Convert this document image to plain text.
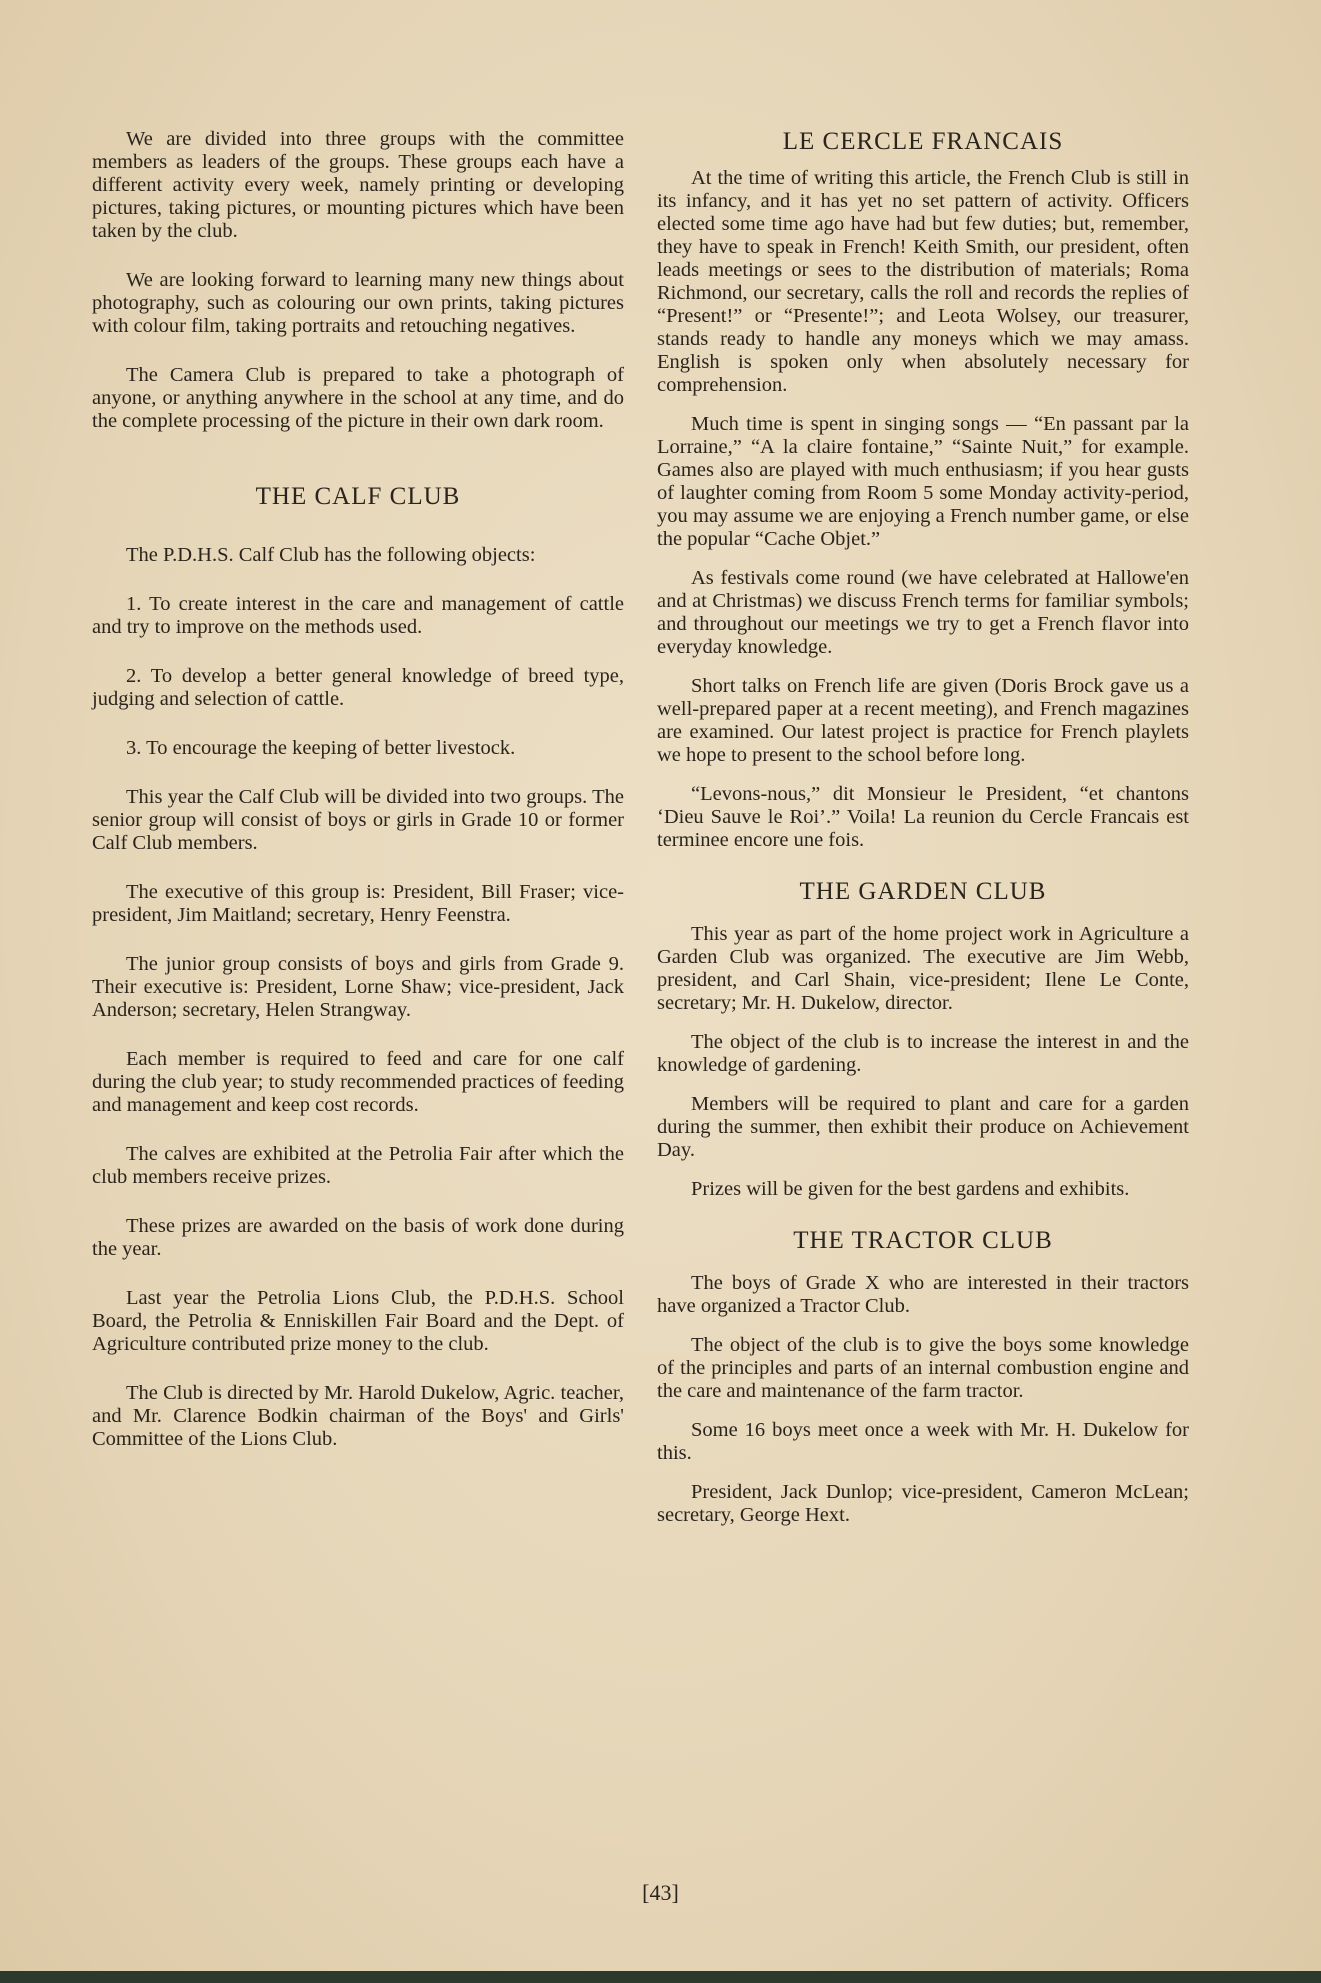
We are divided into three groups with the committee members as leaders of the groups. These groups each have a different activity every week, namely printing or developing pictures, taking pictures, or mounting pictures which have been taken by the club.

We are looking forward to learning many new things about photography, such as colouring our own prints, taking pictures with colour film, taking portraits and retouching negatives.

The Camera Club is prepared to take a photograph of anyone, or anything anywhere in the school at any time, and do the complete processing of the picture in their own dark room.

THE CALF CLUB

The P.D.H.S. Calf Club has the following objects:

1. To create interest in the care and management of cattle and try to improve on the methods used.

2. To develop a better general knowledge of breed type, judging and selection of cattle.

3. To encourage the keeping of better livestock.

This year the Calf Club will be divided into two groups. The senior group will consist of boys or girls in Grade 10 or former Calf Club members.

The executive of this group is: President, Bill Fraser; vice-president, Jim Maitland; secretary, Henry Feenstra.

The junior group consists of boys and girls from Grade 9. Their executive is: President, Lorne Shaw; vice-president, Jack Anderson; secretary, Helen Strangway.

Each member is required to feed and care for one calf during the club year; to study recommended practices of feeding and management and keep cost records.

The calves are exhibited at the Petrolia Fair after which the club members receive prizes.

These prizes are awarded on the basis of work done during the year.

Last year the Petrolia Lions Club, the P.D.H.S. School Board, the Petrolia & Enniskillen Fair Board and the Dept. of Agriculture contributed prize money to the club.

The Club is directed by Mr. Harold Dukelow, Agric. teacher, and Mr. Clarence Bodkin chairman of the Boys' and Girls' Committee of the Lions Club.

LE CERCLE FRANCAIS

At the time of writing this article, the French Club is still in its infancy, and it has yet no set pattern of activity. Officers elected some time ago have had but few duties; but, remember, they have to speak in French! Keith Smith, our president, often leads meetings or sees to the distribution of materials; Roma Richmond, our secretary, calls the roll and records the replies of “Present!” or “Presente!”; and Leota Wolsey, our treasurer, stands ready to handle any moneys which we may amass. English is spoken only when absolutely necessary for comprehension.

Much time is spent in singing songs — “En passant par la Lorraine,” “A la claire fontaine,” “Sainte Nuit,” for example. Games also are played with much enthusiasm; if you hear gusts of laughter coming from Room 5 some Monday activity-period, you may assume we are enjoying a French number game, or else the popular “Cache Objet.”

As festivals come round (we have celebrated at Hallowe'en and at Christmas) we discuss French terms for familiar symbols; and throughout our meetings we try to get a French flavor into everyday knowledge.

Short talks on French life are given (Doris Brock gave us a well-prepared paper at a recent meeting), and French magazines are examined. Our latest project is practice for French playlets we hope to present to the school before long.

“Levons-nous,” dit Monsieur le President, “et chantons ‘Dieu Sauve le Roi’.” Voila! La reunion du Cercle Francais est terminee encore une fois.

THE GARDEN CLUB

This year as part of the home project work in Agriculture a Garden Club was organized. The executive are Jim Webb, president, and Carl Shain, vice-president; Ilene Le Conte, secretary; Mr. H. Dukelow, director.

The object of the club is to increase the interest in and the knowledge of gardening.

Members will be required to plant and care for a garden during the summer, then exhibit their produce on Achievement Day.

Prizes will be given for the best gardens and exhibits.

THE TRACTOR CLUB

The boys of Grade X who are interested in their tractors have organized a Tractor Club.

The object of the club is to give the boys some knowledge of the principles and parts of an internal combustion engine and the care and maintenance of the farm tractor.

Some 16 boys meet once a week with Mr. H. Dukelow for this.

President, Jack Dunlop; vice-president, Cameron McLean; secretary, George Hext.

[43]
